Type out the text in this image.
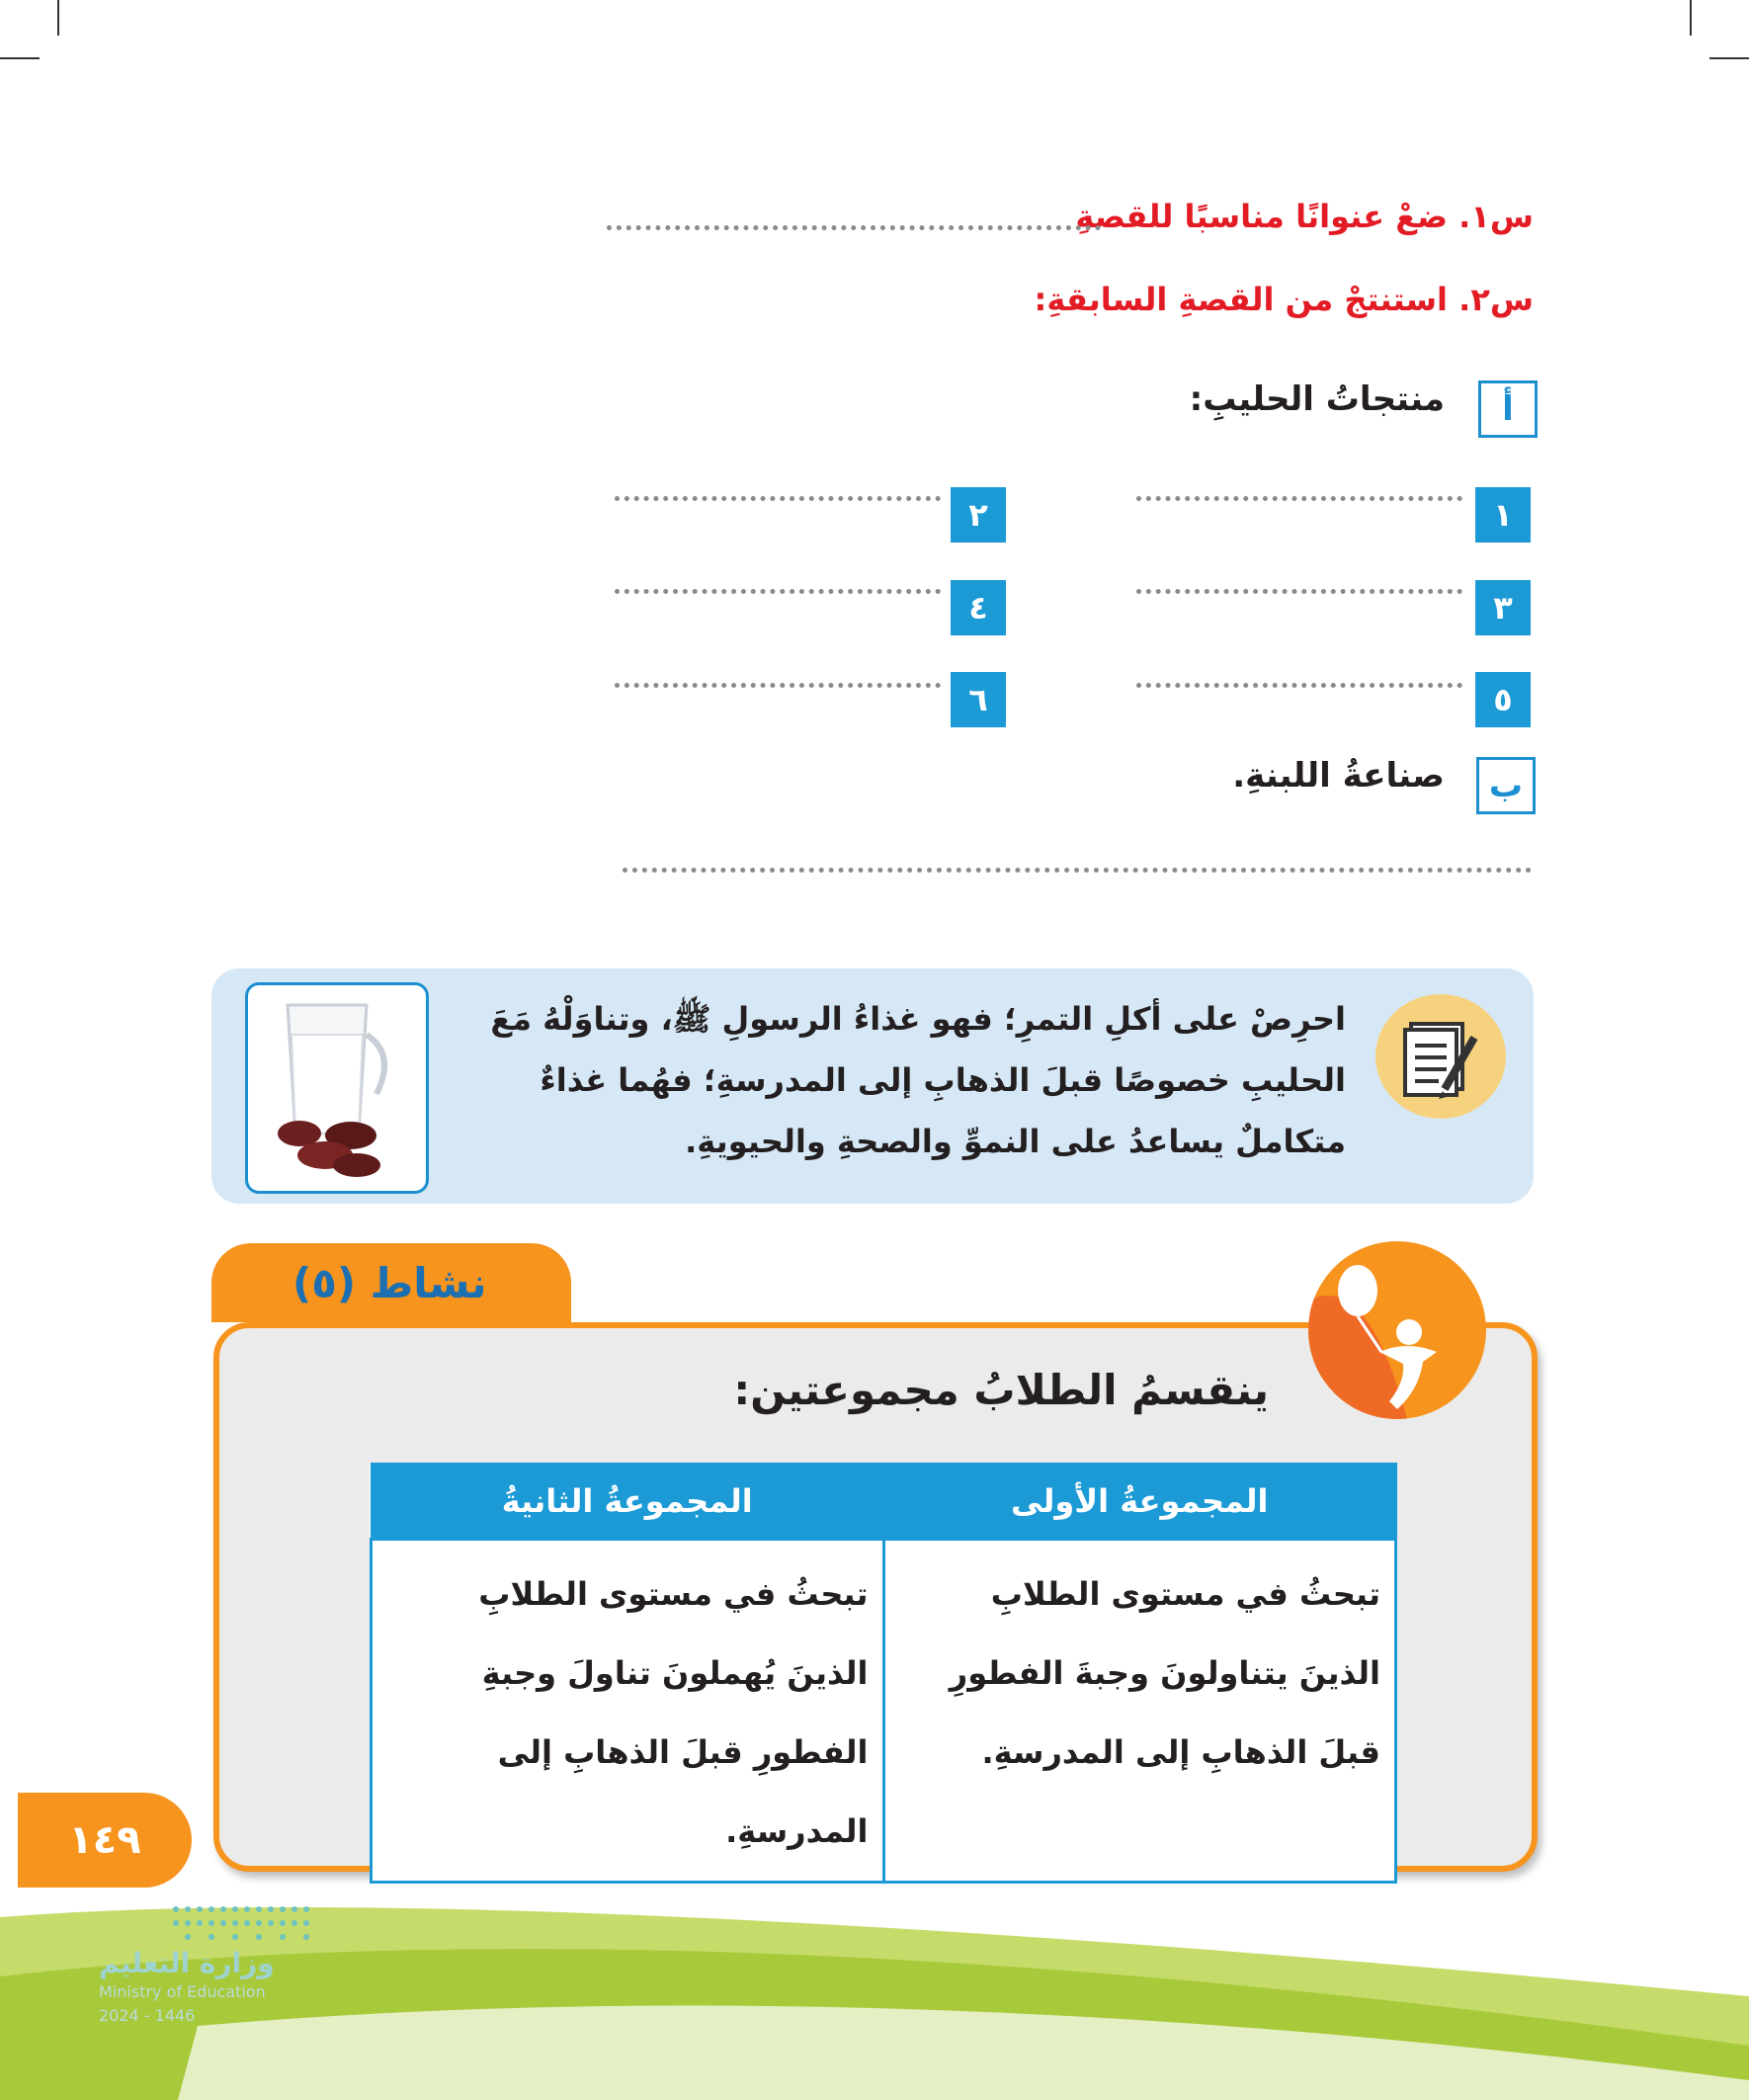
س١. ضعْ عنوانًا مناسبًا للقصةِ
س٢. استنتجْ من القصةِ السابقةِ:
أ
منتجاتُ الحليبِ:
١
٢
٣
٤
٥
٦
ب
صناعةُ اللبنةِ.
احرِصْ على أكلِ التمرِ؛ فهو غذاءُ الرسولِ ﷺ، وتناوَلْهُ مَعَ
الحليبِ خصوصًا قبلَ الذهابِ إلى المدرسةِ؛ فهُما غذاءٌ
متكاملٌ يساعدُ على النموِّ والصحةِ والحيويةِ.
نشاط (٥)
ينقسمُ الطلابُ مجموعتين:
المجموعةُ الثانيةُ	المجموعةُ الأولى
تبحثُ في مستوى الطلابِ الذينَ يُهملونَ تناولَ وجبةِ الفطورِ قبلَ الذهابِ إلى المدرسةِ.	تبحثُ في مستوى الطلابِ الذينَ يتناولونَ وجبةَ الفطورِ قبلَ الذهابِ إلى المدرسةِ.
١٤٩
وزارة التعليم
Ministry of Education
2024 - 1446
